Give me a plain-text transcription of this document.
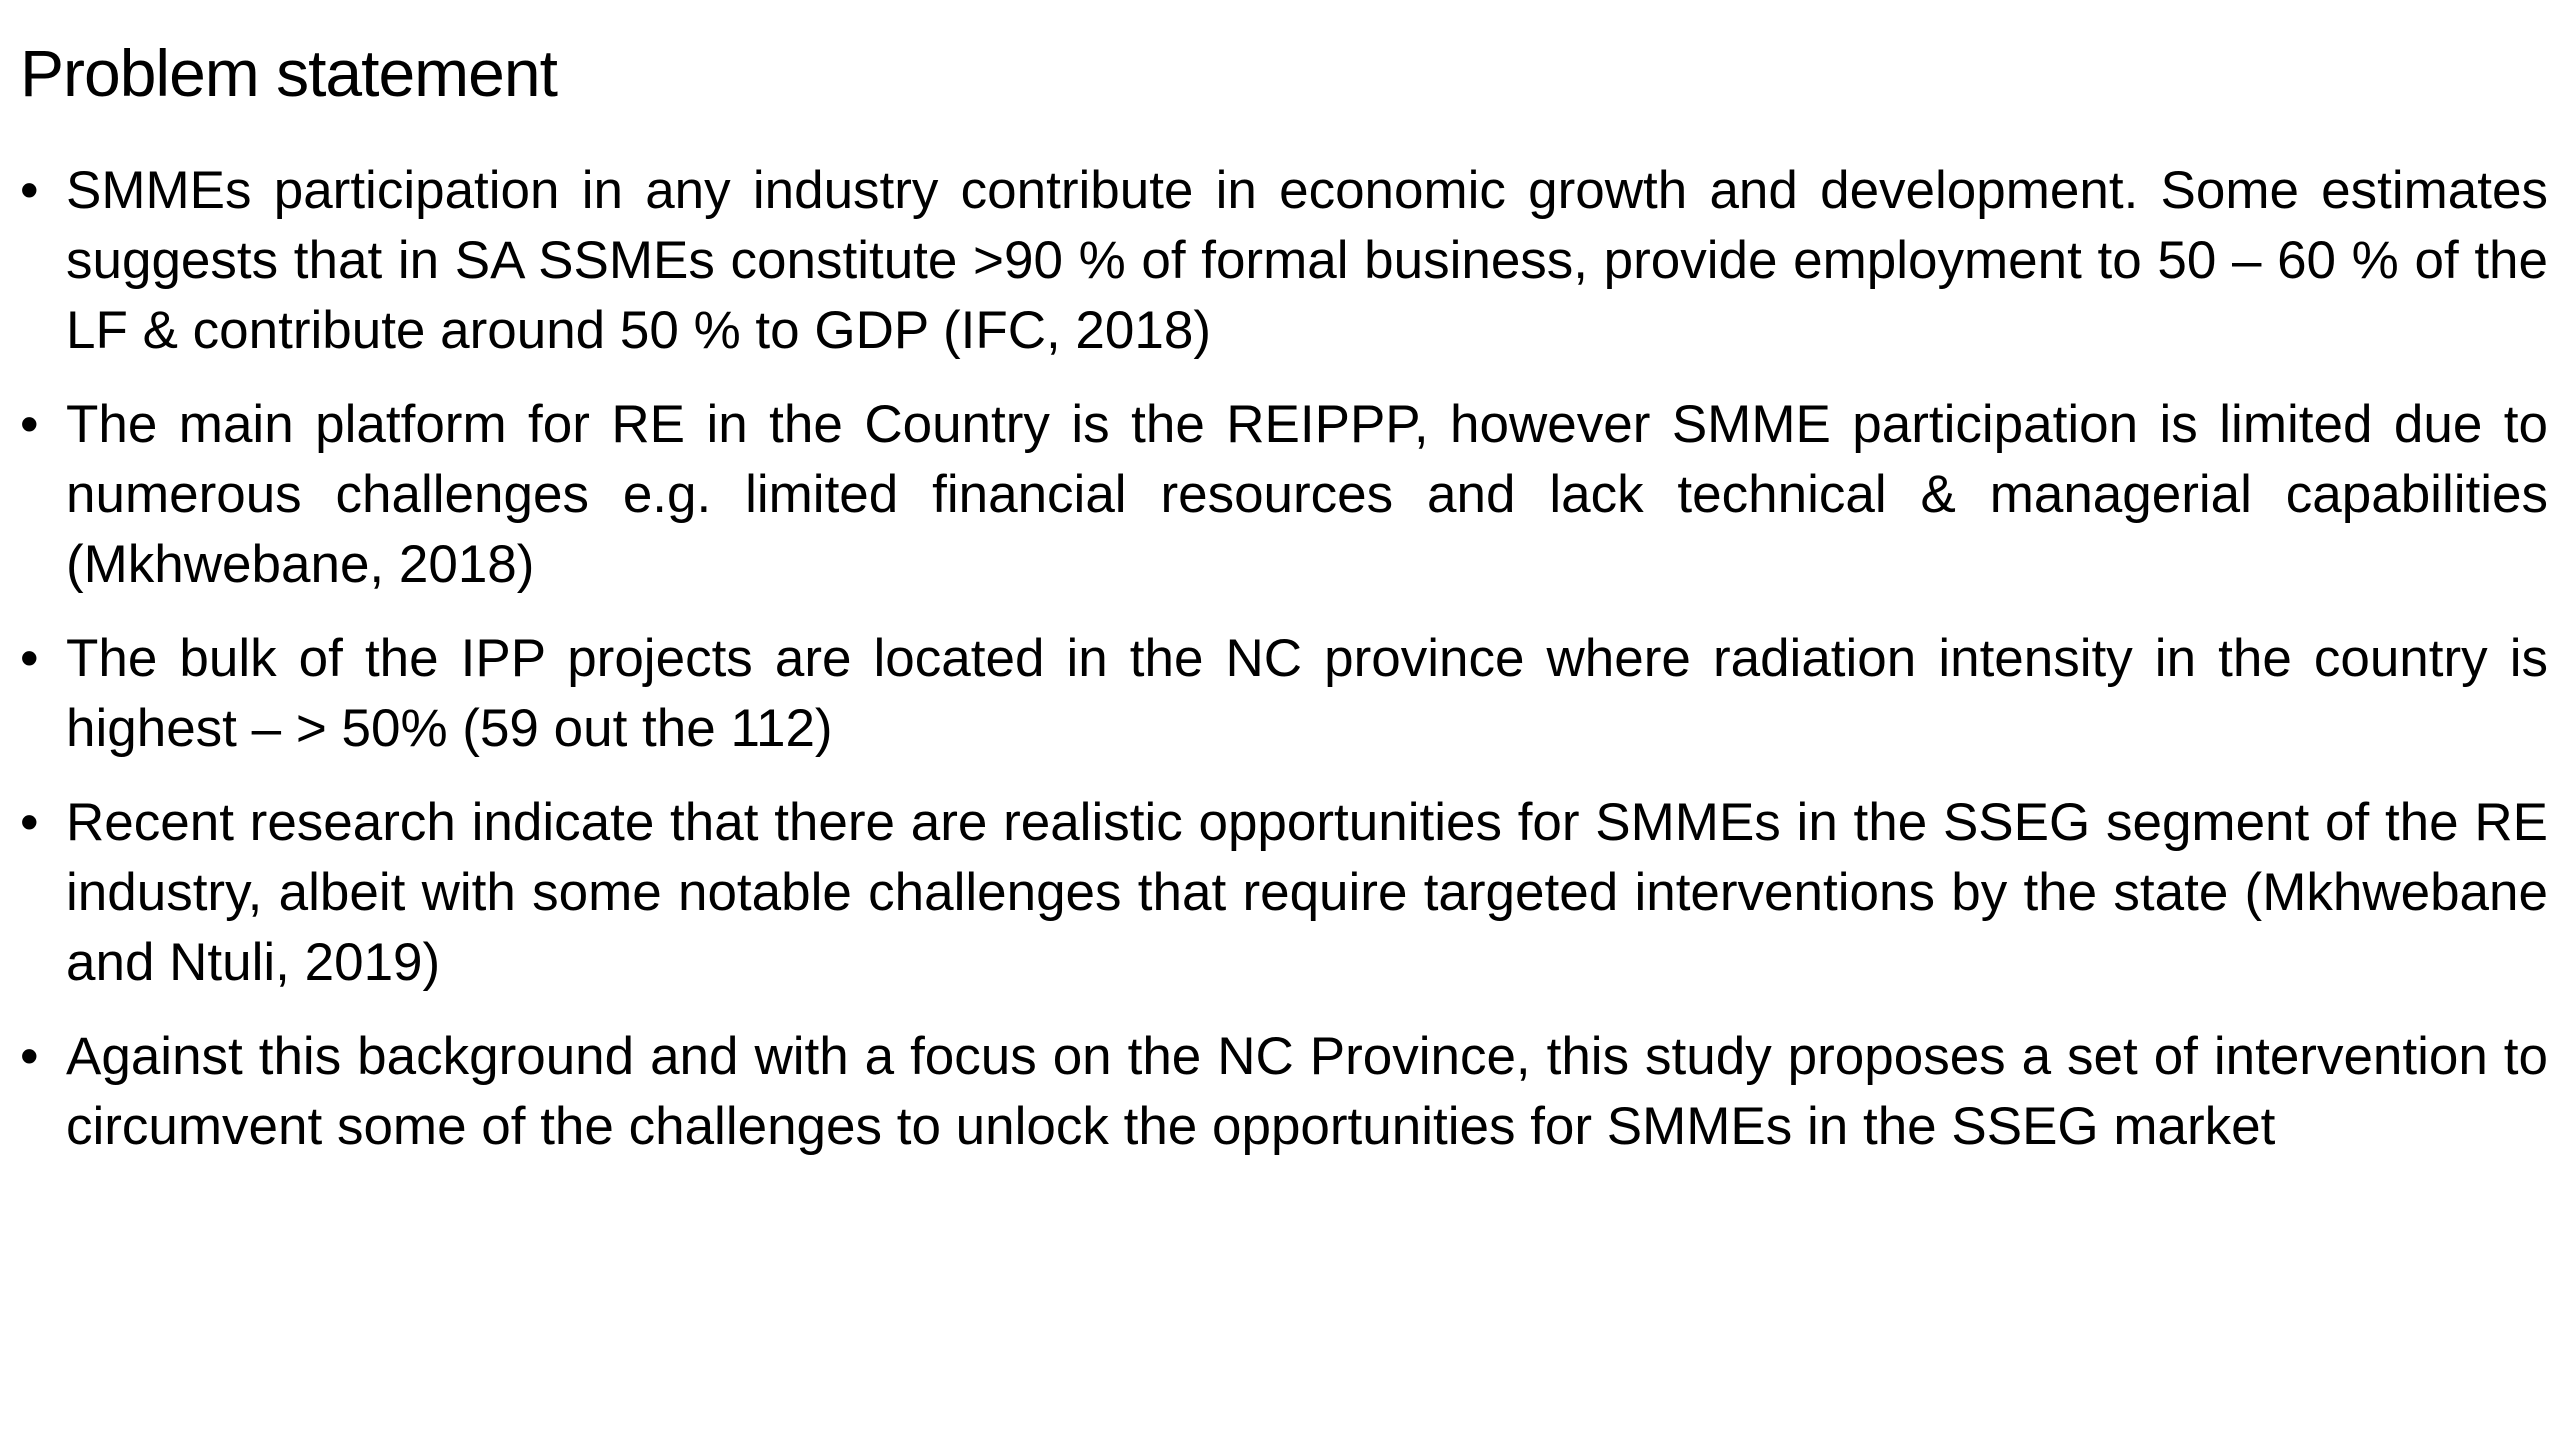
Problem statement
• SMMEs participation in any industry contribute in economic growth and development. Some estimates suggests that in SA SSMEs constitute >90 % of formal business, provide employment to 50 – 60 % of the LF & contribute around 50 % to GDP (IFC, 2018)
• The main platform for RE in the Country is the REIPPP, however SMME participation is limited due to numerous challenges e.g. limited financial resources and lack technical & managerial capabilities (Mkhwebane, 2018)
• The bulk of the IPP projects are located in the NC province where radiation intensity in the country is highest – > 50% (59 out the 112)
• Recent research indicate that there are realistic opportunities for SMMEs in the SSEG segment of the RE industry, albeit with some notable challenges that require targeted interventions by the state (Mkhwebane and Ntuli, 2019)
• Against this background and with a focus on the NC Province, this study proposes a set of intervention to circumvent some of the challenges to unlock the opportunities for SMMEs in the SSEG market
